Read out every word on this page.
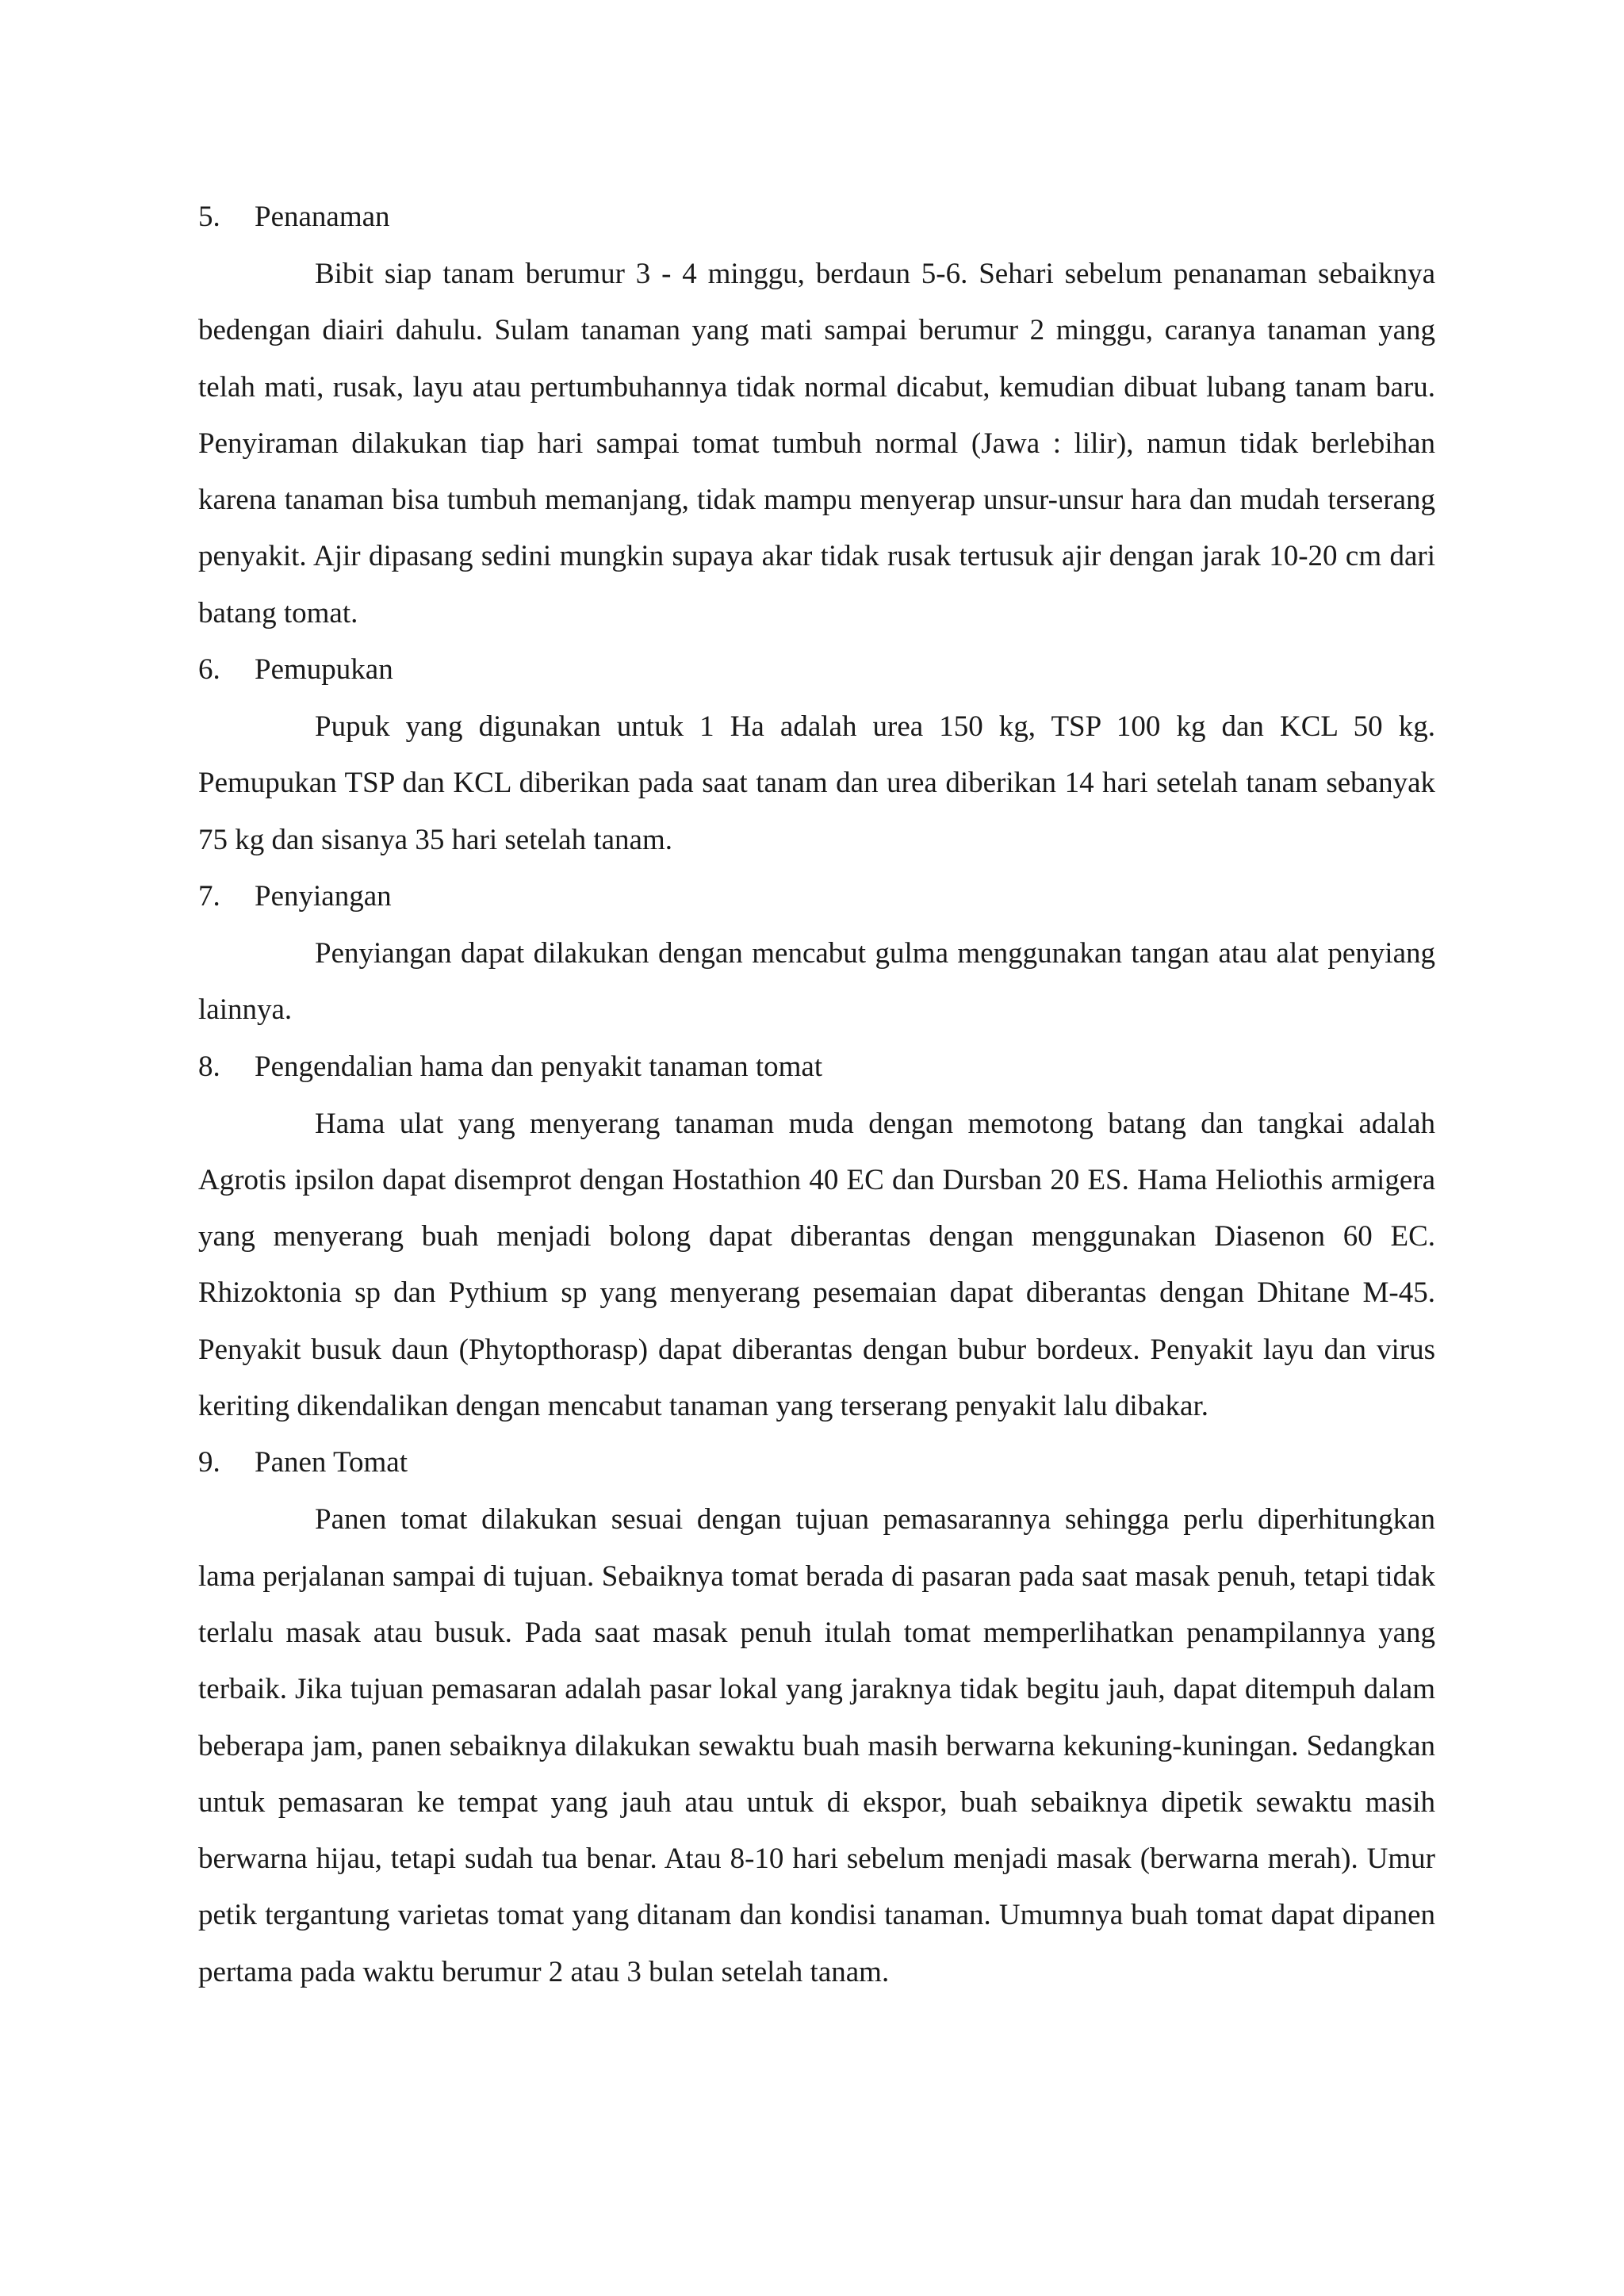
5.	Penanaman

Bibit siap tanam berumur 3 - 4 minggu, berdaun 5-6. Sehari sebelum penanaman sebaiknya bedengan diairi dahulu. Sulam tanaman yang mati sampai berumur 2 minggu, caranya tanaman yang telah mati, rusak, layu atau pertumbuhannya tidak normal dicabut, kemudian dibuat lubang tanam baru. Penyiraman dilakukan tiap hari sampai tomat tumbuh normal (Jawa : lilir), namun tidak berlebihan karena tanaman bisa tumbuh memanjang, tidak mampu menyerap unsur-unsur hara dan mudah terserang penyakit. Ajir dipasang sedini mungkin supaya akar tidak rusak tertusuk ajir dengan jarak 10-20 cm dari batang tomat.

6.	Pemupukan

Pupuk yang digunakan untuk 1 Ha adalah urea 150 kg, TSP 100 kg dan KCL 50 kg. Pemupukan TSP dan KCL diberikan pada saat tanam dan urea diberikan 14 hari setelah tanam sebanyak 75 kg dan sisanya 35 hari setelah tanam.

7.	Penyiangan

Penyiangan dapat dilakukan dengan mencabut gulma menggunakan tangan atau alat penyiang lainnya.

8.	Pengendalian hama dan penyakit tanaman tomat

Hama ulat yang menyerang tanaman muda dengan memotong batang dan tangkai adalah Agrotis ipsilon dapat disemprot dengan Hostathion 40 EC dan Dursban 20 ES. Hama Heliothis armigera yang menyerang buah menjadi bolong dapat diberantas dengan menggunakan Diasenon 60 EC. Rhizoktonia sp dan Pythium sp yang menyerang pesemaian dapat diberantas dengan Dhitane M-45. Penyakit busuk daun (Phytopthorasp) dapat diberantas dengan bubur bordeux. Penyakit layu dan virus keriting dikendalikan dengan mencabut tanaman yang terserang penyakit lalu dibakar.

9.	Panen Tomat

Panen tomat dilakukan sesuai dengan tujuan pemasarannya sehingga perlu diperhitungkan lama perjalanan sampai di tujuan. Sebaiknya tomat berada di pasaran pada saat masak penuh, tetapi tidak terlalu masak atau busuk. Pada saat masak penuh itulah tomat memperlihatkan penampilannya yang terbaik. Jika tujuan pemasaran adalah pasar lokal yang jaraknya tidak begitu jauh, dapat ditempuh dalam beberapa jam, panen sebaiknya dilakukan sewaktu buah masih berwarna kekuning-kuningan. Sedangkan untuk pemasaran ke tempat yang jauh atau untuk di ekspor, buah sebaiknya dipetik sewaktu masih berwarna hijau, tetapi sudah tua benar. Atau 8-10 hari sebelum menjadi masak (berwarna merah). Umur petik tergantung varietas tomat yang ditanam dan kondisi tanaman. Umumnya buah tomat dapat dipanen pertama pada waktu berumur 2 atau 3 bulan setelah tanam.
